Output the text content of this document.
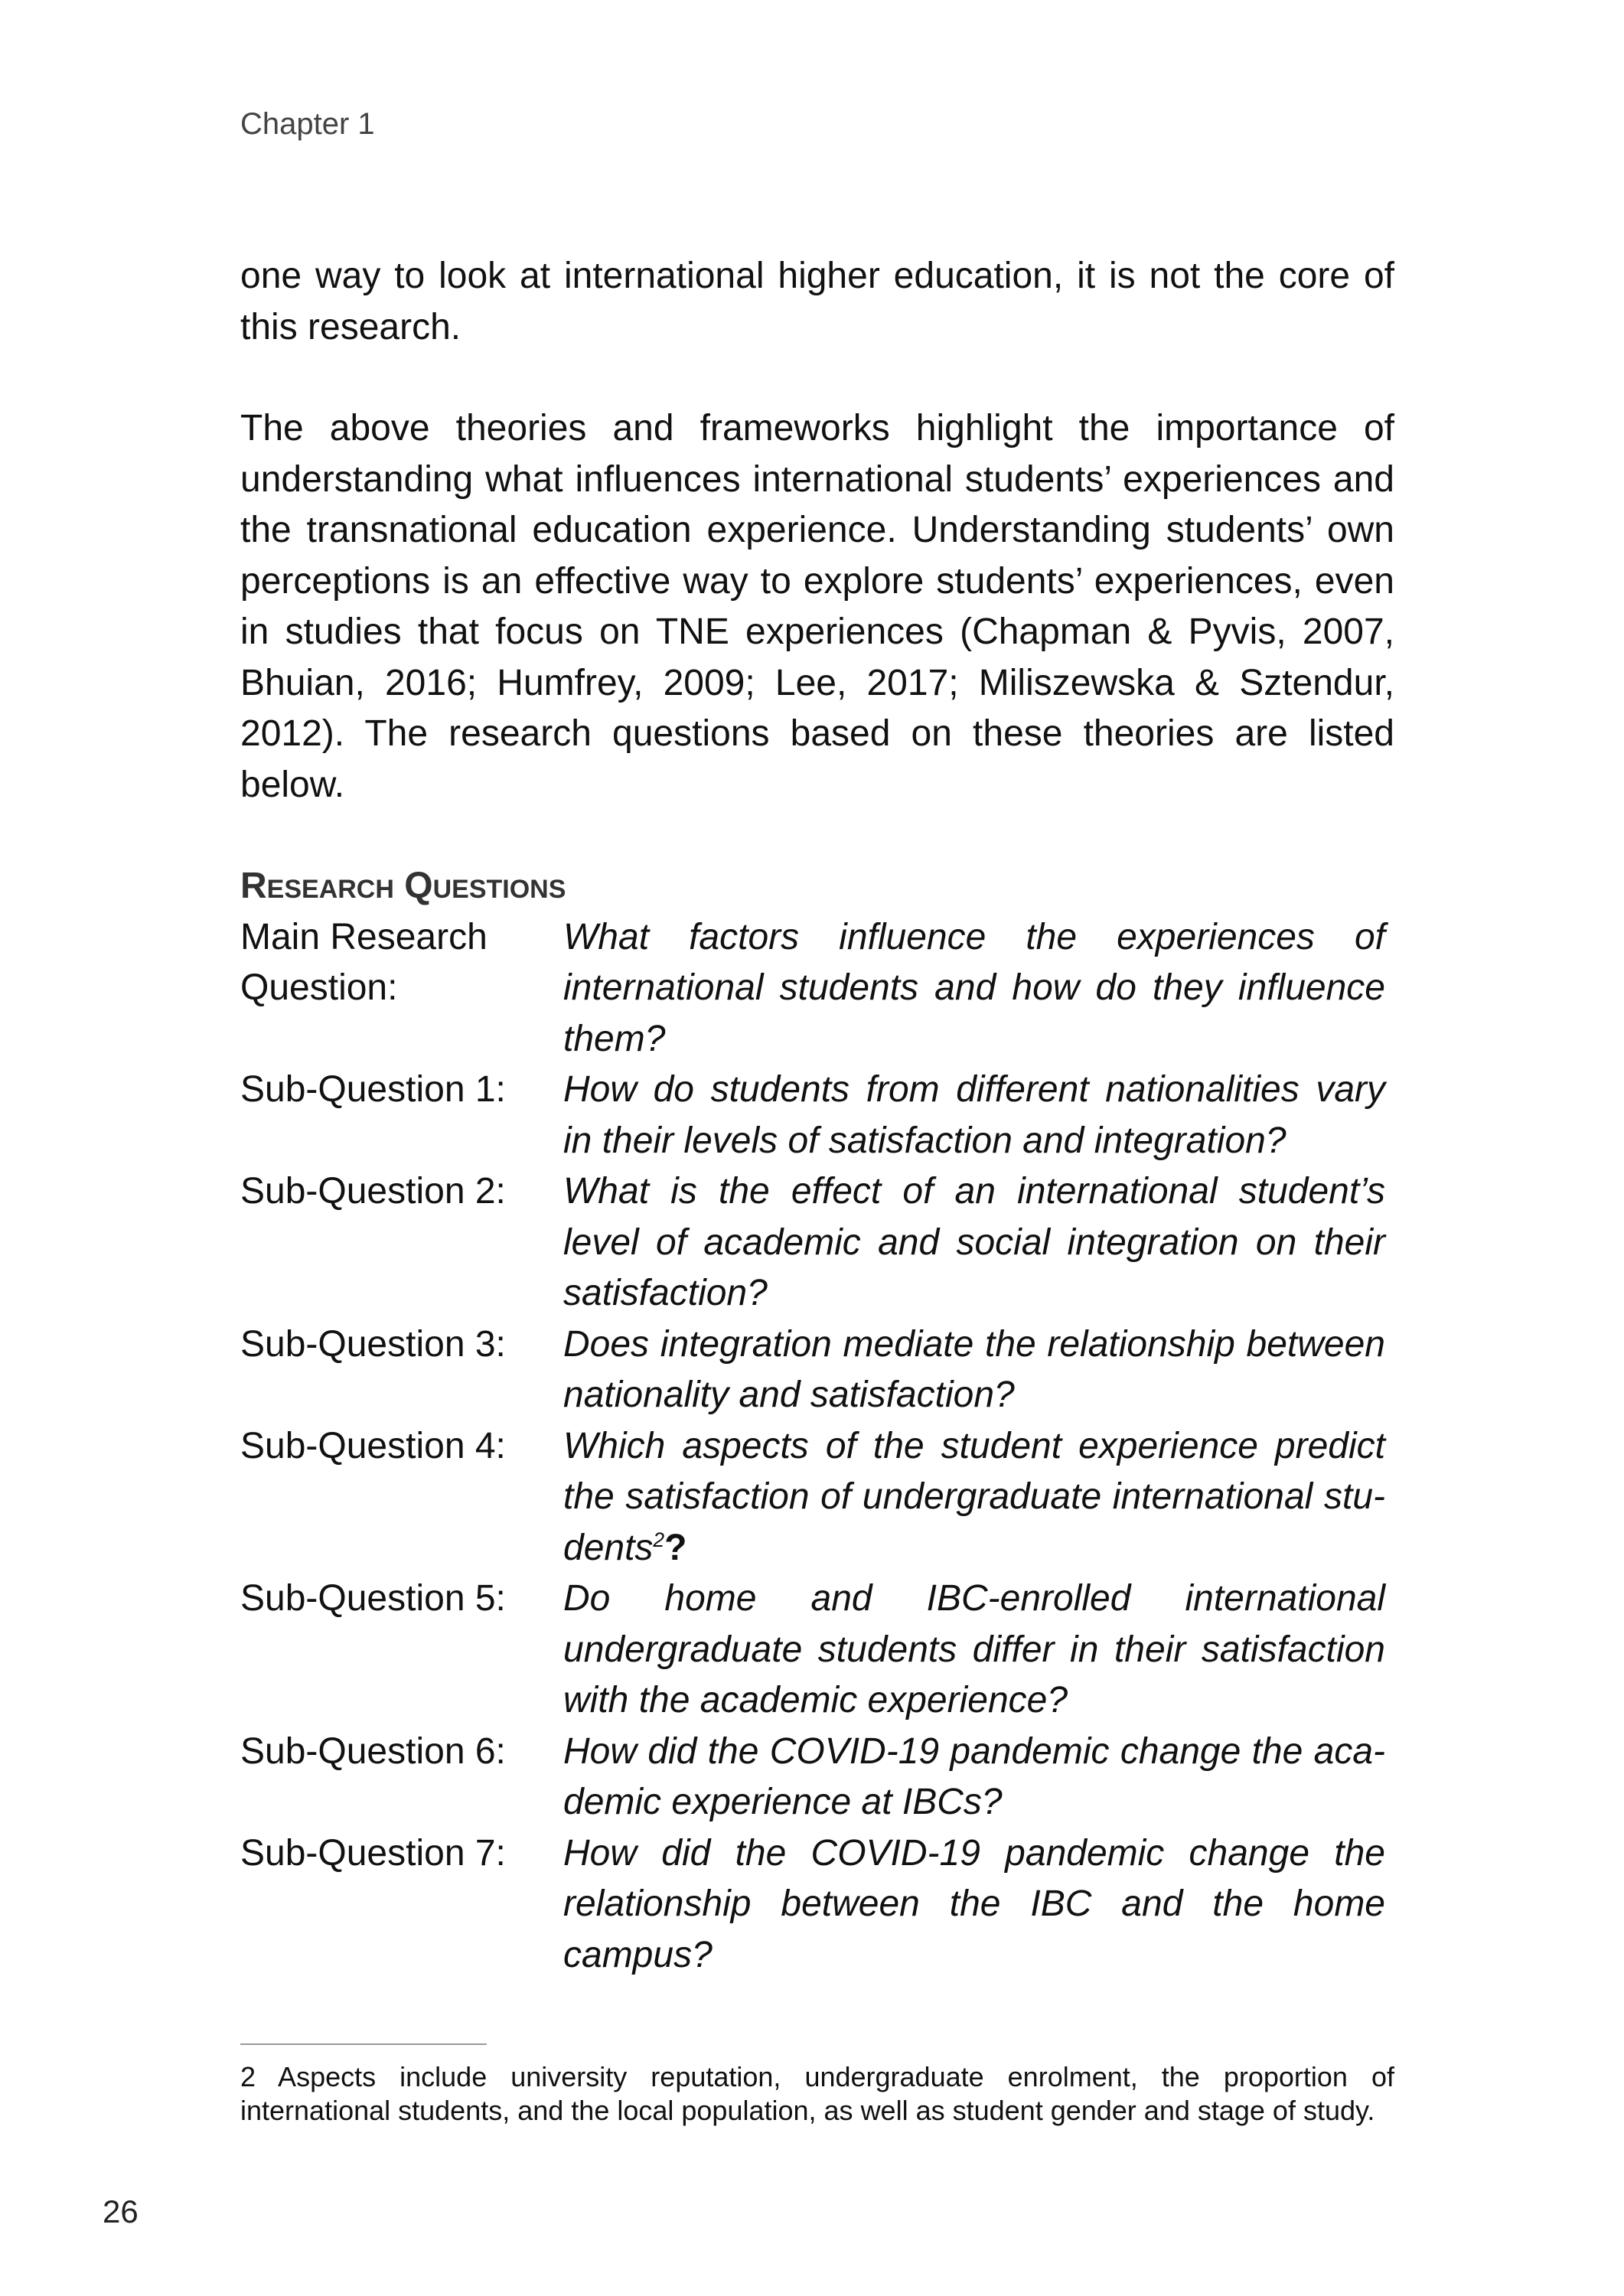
Chapter 1

one way to look at international higher education, it is not the core of this research.

The above theories and frameworks highlight the importance of understanding what influences international students’ experiences and the transnational education experience. Understanding students’ own perceptions is an effective way to explore students’ experiences, even in studies that focus on TNE experiences (Chapman & Pyvis, 2007, Bhuian, 2016; Humfrey, 2009; Lee, 2017; Miliszewska & Sztendur, 2012). The research questions based on these theories are listed below.

Research Questions
Main Research Question:
What factors influence the experiences of international students and how do they influence them?
Sub-Question 1:	How do students from different nationalities vary in their levels of satisfaction and integration?
Sub-Question 2:	What is the effect of an international student’s level of academic and social integration on their satisfaction?
Sub-Question 3:	Does integration mediate the relationship between nationality and satisfaction?
Sub-Question 4:	Which aspects of the student experience predict the satisfaction of undergraduate international students$^2$?
Sub-Question 5:	Do home and IBC-enrolled international undergraduate students differ in their satisfaction with the academic experience?
Sub-Question 6:	How did the COVID-19 pandemic change the academic experience at IBCs?
Sub-Question 7:	How did the COVID-19 pandemic change the relationship between the IBC and the home campus?
2 Aspects include university reputation, undergraduate enrolment, the proportion of international students, and the local population, as well as student gender and stage of study.
26
